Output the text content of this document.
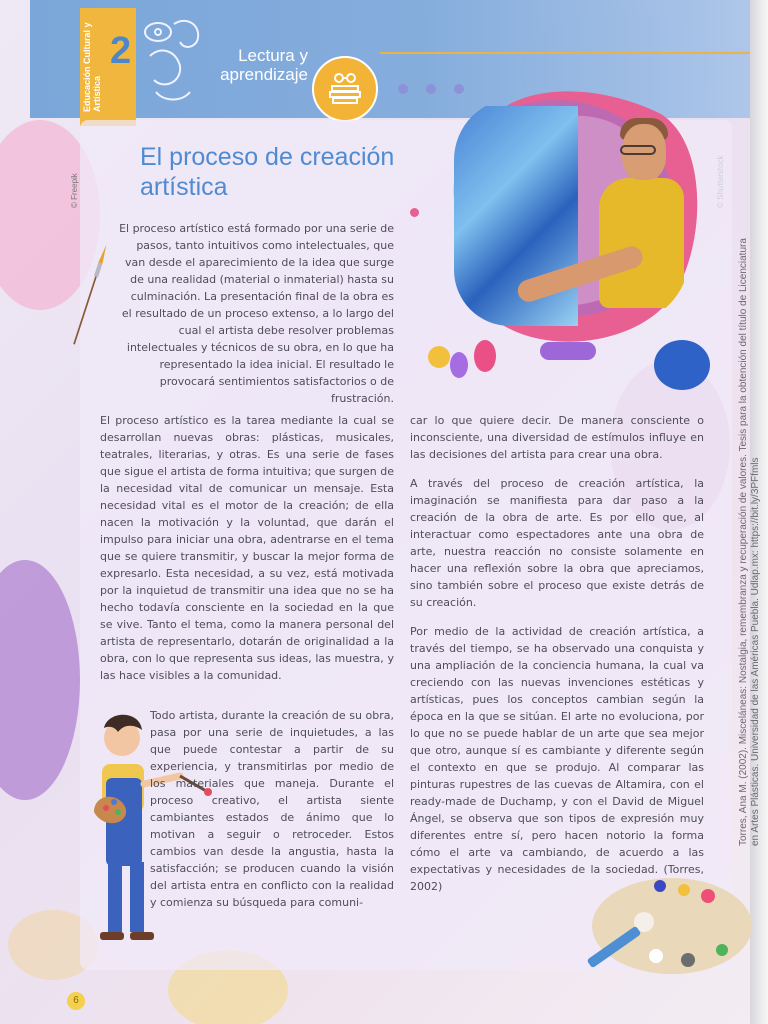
Educación Cultural y Artística
2	Lectura y aprendizaje
© Freepik
El proceso de creación artística
El proceso artístico está formado por una serie de pasos, tanto intuitivos como intelectuales, que van desde el aparecimiento de la idea que surge de una realidad (material o inmaterial) hasta su culminación. La presentación final de la obra es el resultado de un proceso extenso, a lo largo del cual el artista debe resolver problemas intelectuales y técnicos de su obra, en lo que ha representado la idea inicial. El resultado le provocará sentimientos satisfactorios o de frustración.
El proceso artístico es la tarea mediante la cual se desarrollan nuevas obras: plásticas, musicales, teatrales, literarias, y otras. Es una serie de fases que sigue el artista de forma intuitiva; que surgen de la necesidad vital de comunicar un mensaje. Esta necesidad vital es el motor de la creación; de ella nacen la motivación y la voluntad, que darán el impulso para iniciar una obra, adentrarse en el tema que se quiere transmitir, y buscar la mejor forma de expresarlo. Esta necesidad, a su vez, está motivada por la inquietud de transmitir una idea que no se ha hecho todavía consciente en la sociedad en la que se vive. Tanto el tema, como la manera personal del artista de representarlo, dotarán de originalidad a la obra, con lo que representa sus ideas, las muestra, y las hace visibles a la comunidad.
Todo artista, durante la creación de su obra, pasa por una serie de inquietudes, a las que puede contestar a partir de su experiencia, y transmitirlas por medio de los materiales que maneja. Durante el proceso creativo, el artista siente cambiantes estados de ánimo que lo motivan a seguir o retroceder. Estos cambios van desde la angustia, hasta la satisfacción; se producen cuando la visión del artista entra en conflicto con la realidad y comienza su búsqueda para comuni-

car lo que quiere decir. De manera consciente o inconsciente, una diversidad de estímulos influye en las decisiones del artista para crear una obra.

A través del proceso de creación artística, la imaginación se manifiesta para dar paso a la creación de la obra de arte. Es por ello que, al interactuar como espectadores ante una obra de arte, nuestra reacción no consiste solamente en hacer una reflexión sobre la obra que apreciamos, sino también sobre el proceso que existe detrás de su creación.

Por medio de la actividad de creación artística, a través del tiempo, se ha observado una conquista y una ampliación de la conciencia humana, la cual va creciendo con las nuevas invenciones estéticas y artísticas, pues los conceptos cambian según la época en la que se sitúan. El arte no evoluciona, por lo que no se puede hablar de un arte que sea mejor que otro, aunque sí es cambiante y diferente según el contexto en que se produjo. Al comparar las pinturas rupestres de las cuevas de Altamira, con el ready-made de Duchamp, y con el David de Miguel Ángel, se observa que son tipos de expresión muy diferentes entre sí, pero hacen notorio la forma cómo el arte va cambiando, de acuerdo a las expectativas y necesidades de la sociedad. (Torres, 2002)

6
Torres, Ana M. (2002). Misceláneas: Nostalgia, remembranza y recuperación de valores. Tesis para la obtención del título de Licenciatura en Artes Plásticas. Universidad de las Américas Puebla. Udlap.mx: https://bit.ly/3PFfmls
